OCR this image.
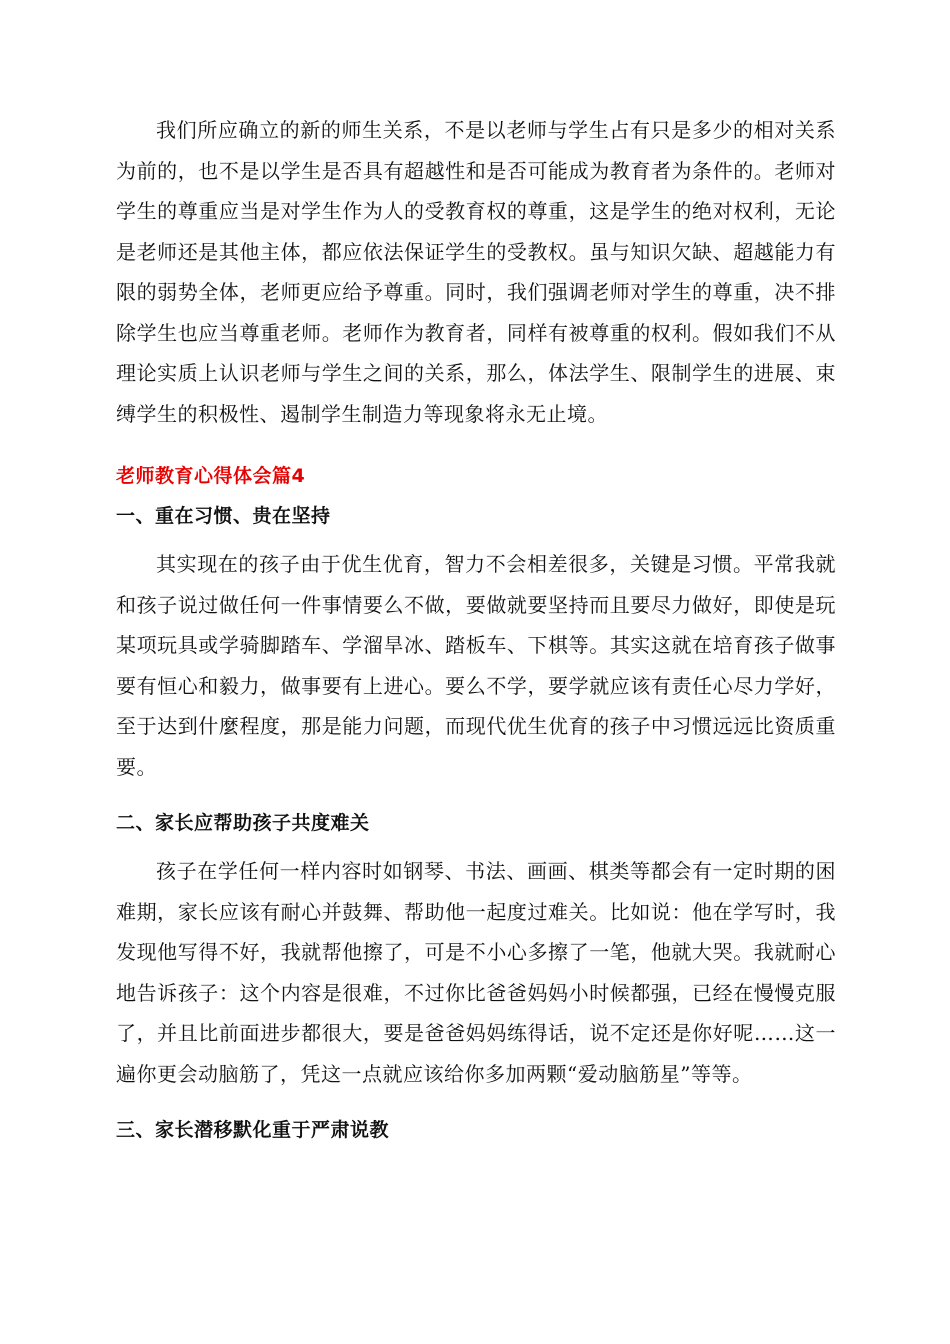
我们所应确立的新的师生关系，不是以老师与学生占有只是多少的相对关系为前的，也不是以学生是否具有超越性和是否可能成为教育者为条件的。老师对学生的尊重应当是对学生作为人的受教育权的尊重，这是学生的绝对权利，无论是老师还是其他主体，都应依法保证学生的受教权。虽与知识欠缺、超越能力有限的弱势全体，老师更应给予尊重。同时，我们强调老师对学生的尊重，决不排除学生也应当尊重老师。老师作为教育者，同样有被尊重的权利。假如我们不从理论实质上认识老师与学生之间的关系，那么，体法学生、限制学生的进展、束缚学生的积极性、遏制学生制造力等现象将永无止境。

老师教育心得体会篇4
一、重在习惯、贵在坚持

其实现在的孩子由于优生优育，智力不会相差很多，关键是习惯。平常我就和孩子说过做任何一件事情要么不做，要做就要坚持而且要尽力做好，即使是玩某项玩具或学骑脚踏车、学溜旱冰、踏板车、下棋等。其实这就在培育孩子做事要有恒心和毅力，做事要有上进心。要么不学，要学就应该有责任心尽力学好，至于达到什麼程度，那是能力问题，而现代优生优育的孩子中习惯远远比资质重要。

二、家长应帮助孩子共度难关

孩子在学任何一样内容时如钢琴、书法、画画、棋类等都会有一定时期的困难期，家长应该有耐心并鼓舞、帮助他一起度过难关。比如说：他在学写时，我发现他写得不好，我就帮他擦了，可是不小心多擦了一笔，他就大哭。我就耐心地告诉孩子：这个内容是很难，不过你比爸爸妈妈小时候都强，已经在慢慢克服了，并且比前面进步都很大，要是爸爸妈妈练得话，说不定还是你好呢……这一遍你更会动脑筋了，凭这一点就应该给你多加两颗“爱动脑筋星”等等。

三、家长潜移默化重于严肃说教
